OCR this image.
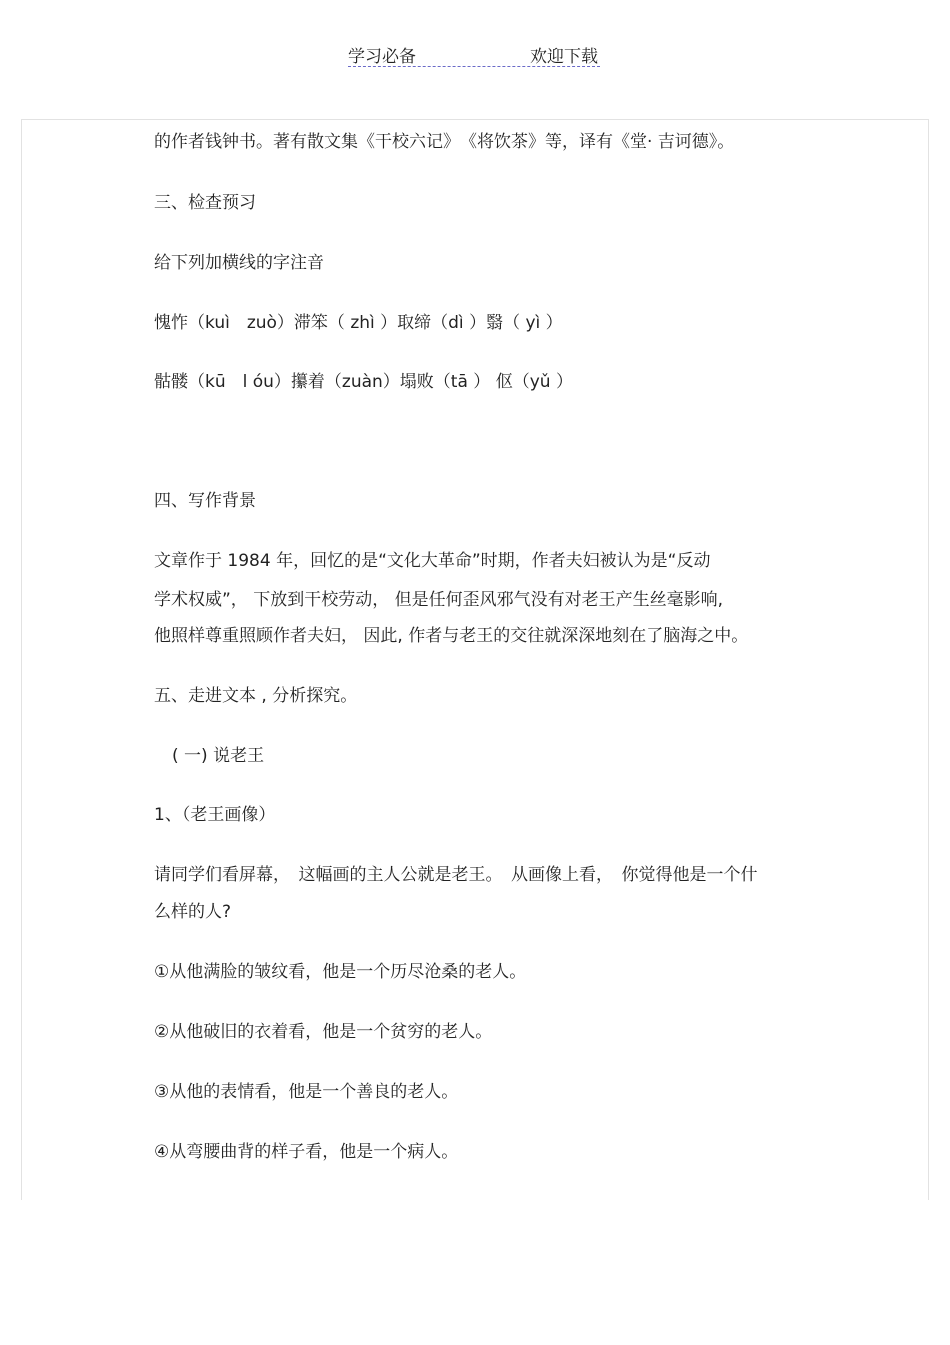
学习必备	欢迎下载
的作者钱钟书。著有散文集《干校六记》　《将饮茶》等，译有《堂· 吉诃德》。
三、检查预习
给下列加横线的字注音
愧怍（kuì　zuò）滞笨（ zhì ）取缔（dì ）翳（ yì ）
骷髅（kū　l óu）攥着（zuàn）塌败（tā ） 伛（yǔ ）
四、写作背景
文章作于 1984 年，回忆的是“文化大革命”时期，作者夫妇被认为是“反动
学术权威”， 下放到干校劳动， 但是任何歪风邪气没有对老王产生丝毫影响,
他照样尊重照顾作者夫妇， 因此, 作者与老王的交往就深深地刻在了脑海之中。
五、走进文本 , 分析探究。
( 一) 说老王
1、（老王画像）
请同学们看屏幕，　这幅画的主人公就是老王。　从画像上看，　你觉得他是一个什
么样的人?
①从他满脸的皱纹看，他是一个历尽沧桑的老人。
②从他破旧的衣着看，他是一个贫穷的老人。
③从他的表情看，他是一个善良的老人。
④从弯腰曲背的样子看，他是一个病人。
